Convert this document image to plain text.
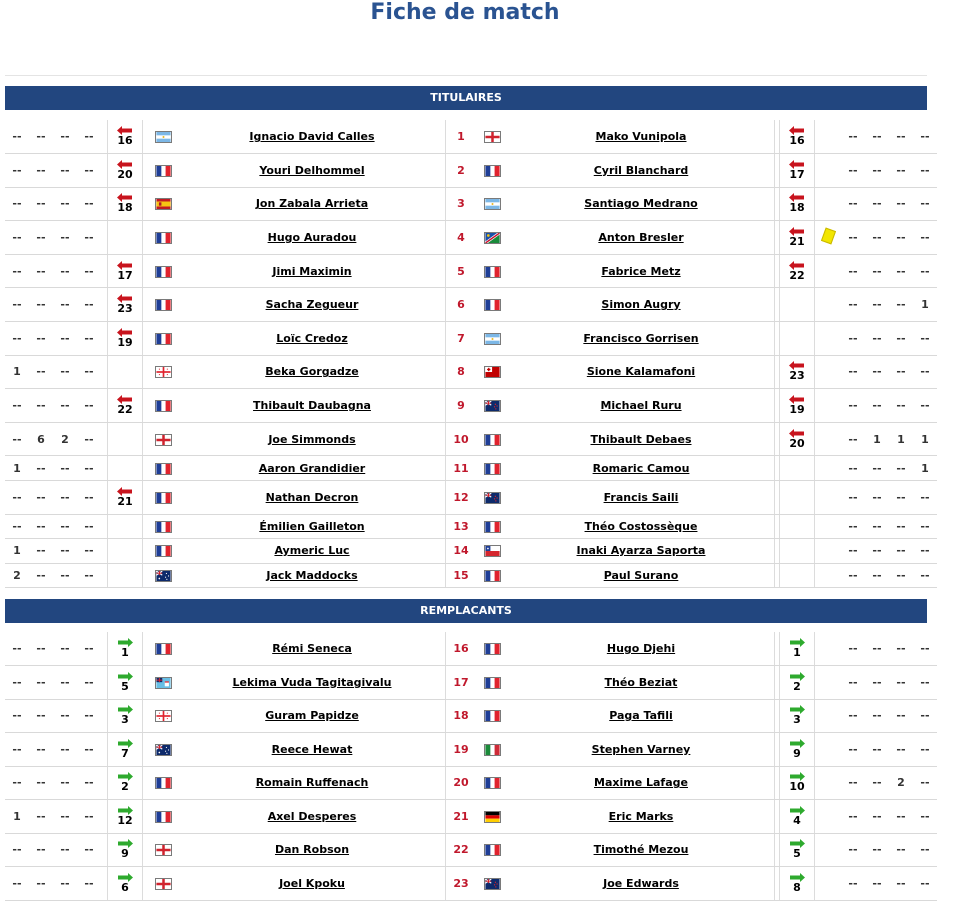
Fiche de match
TITULAIRES
--	--	--	--		16			Ignacio David Calles	1		Mako Vunipola		16		--	--	--	--
--	--	--	--		20			Youri Delhommel	2		Cyril Blanchard		17		--	--	--	--
--	--	--	--		18			Jon Zabala Arrieta	3		Santiago Medrano		18		--	--	--	--
--	--	--	--					Hugo Auradou	4		Anton Bresler		21		--	--	--	--
--	--	--	--		17			Jimi Maximin	5		Fabrice Metz		22		--	--	--	--
--	--	--	--		23			Sacha Zegueur	6		Simon Augry				--	--	--	1
--	--	--	--		19			Loïc Credoz	7		Francisco Gorrisen				--	--	--	--
1	--	--	--					Beka Gorgadze	8		Sione Kalamafoni		23		--	--	--	--
--	--	--	--		22			Thibault Daubagna	9		Michael Ruru		19		--	--	--	--
--	6	2	--					Joe Simmonds	10		Thibault Debaes		20		--	1	1	1
1	--	--	--					Aaron Grandidier	11		Romaric Camou				--	--	--	1
--	--	--	--		21			Nathan Decron	12		Francis Saili				--	--	--	--
--	--	--	--					Émilien Gailleton	13		Théo Costossèque				--	--	--	--
1	--	--	--					Aymeric Luc	14		Inaki Ayarza Saporta				--	--	--	--
2	--	--	--					Jack Maddocks	15		Paul Surano				--	--	--	--
REMPLACANTS
--	--	--	--		1			Rémi Seneca	16		Hugo Djehi		1		--	--	--	--
--	--	--	--		5			Lekima Vuda Tagitagivalu	17		Théo Beziat		2		--	--	--	--
--	--	--	--		3			Guram Papidze	18		Paga Tafili		3		--	--	--	--
--	--	--	--		7			Reece Hewat	19		Stephen Varney		9		--	--	--	--
--	--	--	--		2			Romain Ruffenach	20		Maxime Lafage		10		--	--	2	--
1	--	--	--		12			Axel Desperes	21		Eric Marks		4		--	--	--	--
--	--	--	--		9			Dan Robson	22		Timothé Mezou		5		--	--	--	--
--	--	--	--		6			Joel Kpoku	23		Joe Edwards		8		--	--	--	--
